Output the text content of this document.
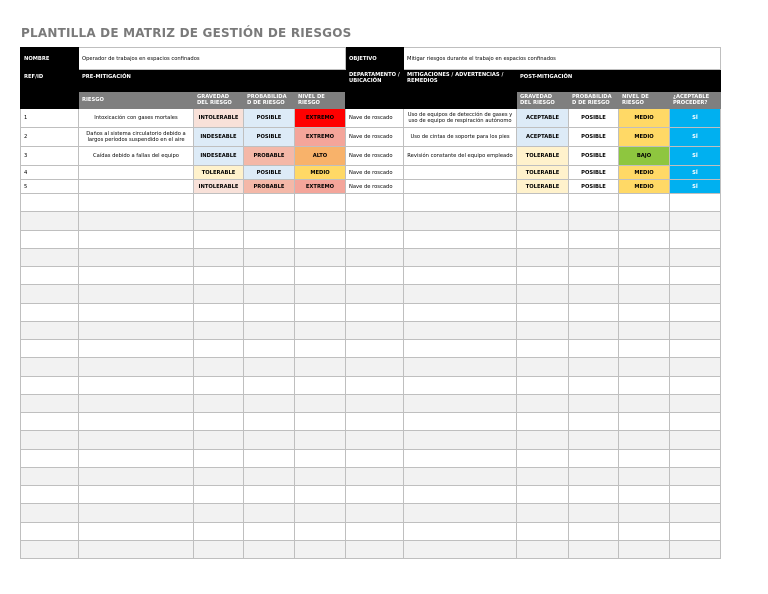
PLANTILLA DE MATRIZ DE GESTIÓN DE RIESGOS
NOMBRE	Operador de trabajos en espacios confinados				OBJETIVO	Mitigar riesgos durante el trabajo en espacios confinados				
REF/ID	PRE-MITIGACIÓN				DEPARTAMENTO / UBICACIÓN	MITIGACIONES / ADVERTENCIAS / REMEDIOS	POST-MITIGACIÓN			
	RIESGO	GRAVEDAD DEL RIESGO	PROBABILIDA D DE RIESGO	NIVEL DE RIESGO			GRAVEDAD DEL RIESGO	PROBABILIDA D DE RIESGO	NIVEL DE RIESGO	¿ACEPTABLE PROCEDER?
1	Intoxicación con gases mortales	INTOLERABLE	POSIBLE	EXTREMO	Nave de roscado	Uso de equipos de detección de gases y uso de equipo de respiración autónomo	ACEPTABLE	POSIBLE	MEDIO	SÍ
2	Daños al sistema circulatorio debido a largos períodos suspendido en el aire	INDESEABLE	POSIBLE	EXTREMO	Nave de roscado	Uso de cintas de soporte para los pies	ACEPTABLE	POSIBLE	MEDIO	SÍ
3	Caídas debido a fallas del equipo	INDESEABLE	PROBABLE	ALTO	Nave de roscado	Revisión constante del equipo empleado	TOLERABLE	POSIBLE	BAJO	SÍ
4		TOLERABLE	POSIBLE	MEDIO	Nave de roscado		TOLERABLE	POSIBLE	MEDIO	SÍ
5		INTOLERABLE	PROBABLE	EXTREMO	Nave de roscado		TOLERABLE	POSIBLE	MEDIO	SÍ
